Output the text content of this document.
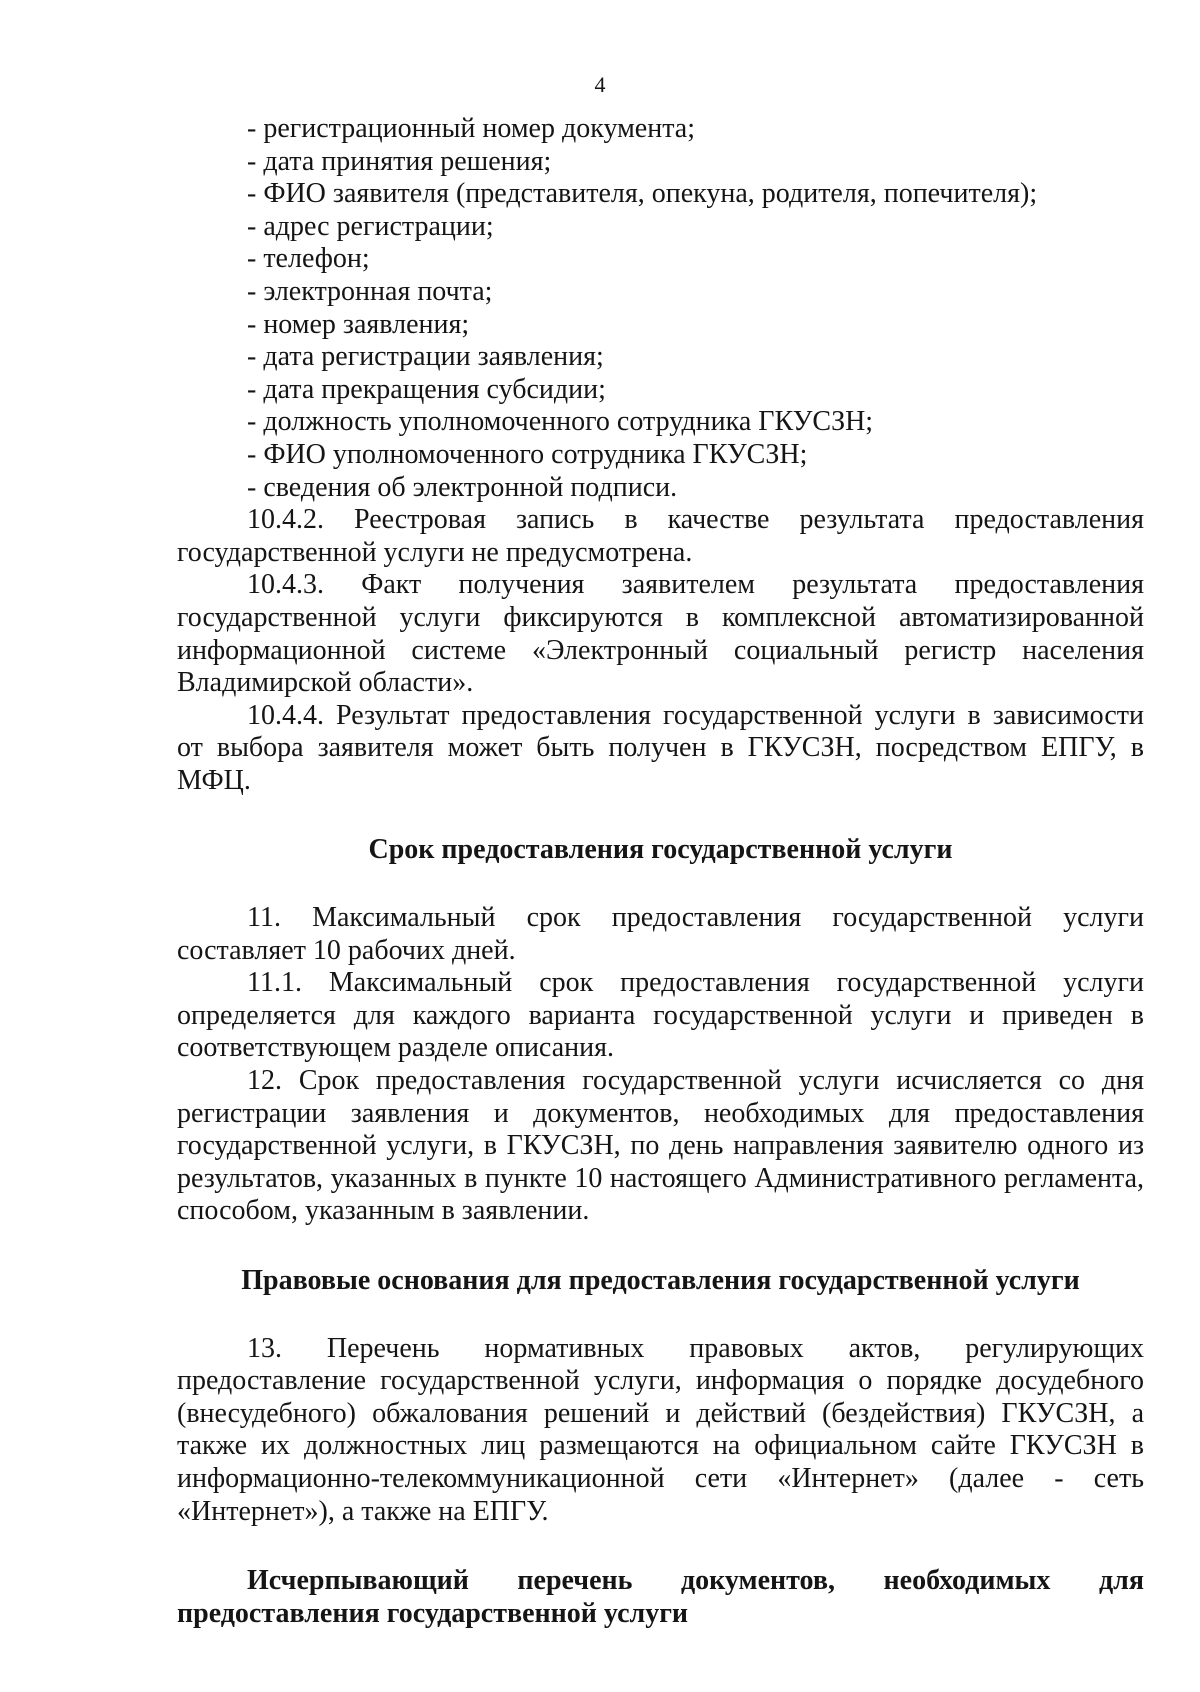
4

- регистрационный номер документа;

- дата принятия решения;

- ФИО заявителя (представителя, опекуна, родителя, попечителя);

- адрес регистрации;

- телефон;

- электронная почта;

- номер заявления;

- дата регистрации заявления;

- дата прекращения субсидии;

- должность уполномоченного сотрудника ГКУСЗН;

- ФИО уполномоченного сотрудника ГКУСЗН;

- сведения об электронной подписи.

10.4.2. Реестровая запись в качестве результата предоставления государственной услуги не предусмотрена.

10.4.3. Факт получения заявителем результата предоставления государственной услуги фиксируются в комплексной автоматизированной информационной системе «Электронный социальный регистр населения Владимирской области».

10.4.4. Результат предоставления государственной услуги в зависимости от выбора заявителя может быть получен в ГКУСЗН, посредством ЕПГУ, в МФЦ.

Срок предоставления государственной услуги

11. Максимальный срок предоставления государственной услуги составляет 10 рабочих дней.

11.1. Максимальный срок предоставления государственной услуги определяется для каждого варианта государственной услуги и приведен в соответствующем разделе описания.

12. Срок предоставления государственной услуги исчисляется со дня регистрации заявления и документов, необходимых для предоставления государственной услуги, в ГКУСЗН, по день направления заявителю одного из результатов, указанных в пункте 10 настоящего Административного регламента, способом, указанным в заявлении.

Правовые основания для предоставления государственной услуги

13. Перечень нормативных правовых актов, регулирующих предоставление государственной услуги, информация о порядке досудебного (внесудебного) обжалования решений и действий (бездействия) ГКУСЗН, а также их должностных лиц размещаются на официальном сайте ГКУСЗН в информационно-телекоммуникационной сети «Интернет» (далее - сеть «Интернет»), а также на ЕПГУ.

Исчерпывающий перечень документов, необходимых для предоставления государственной услуги
